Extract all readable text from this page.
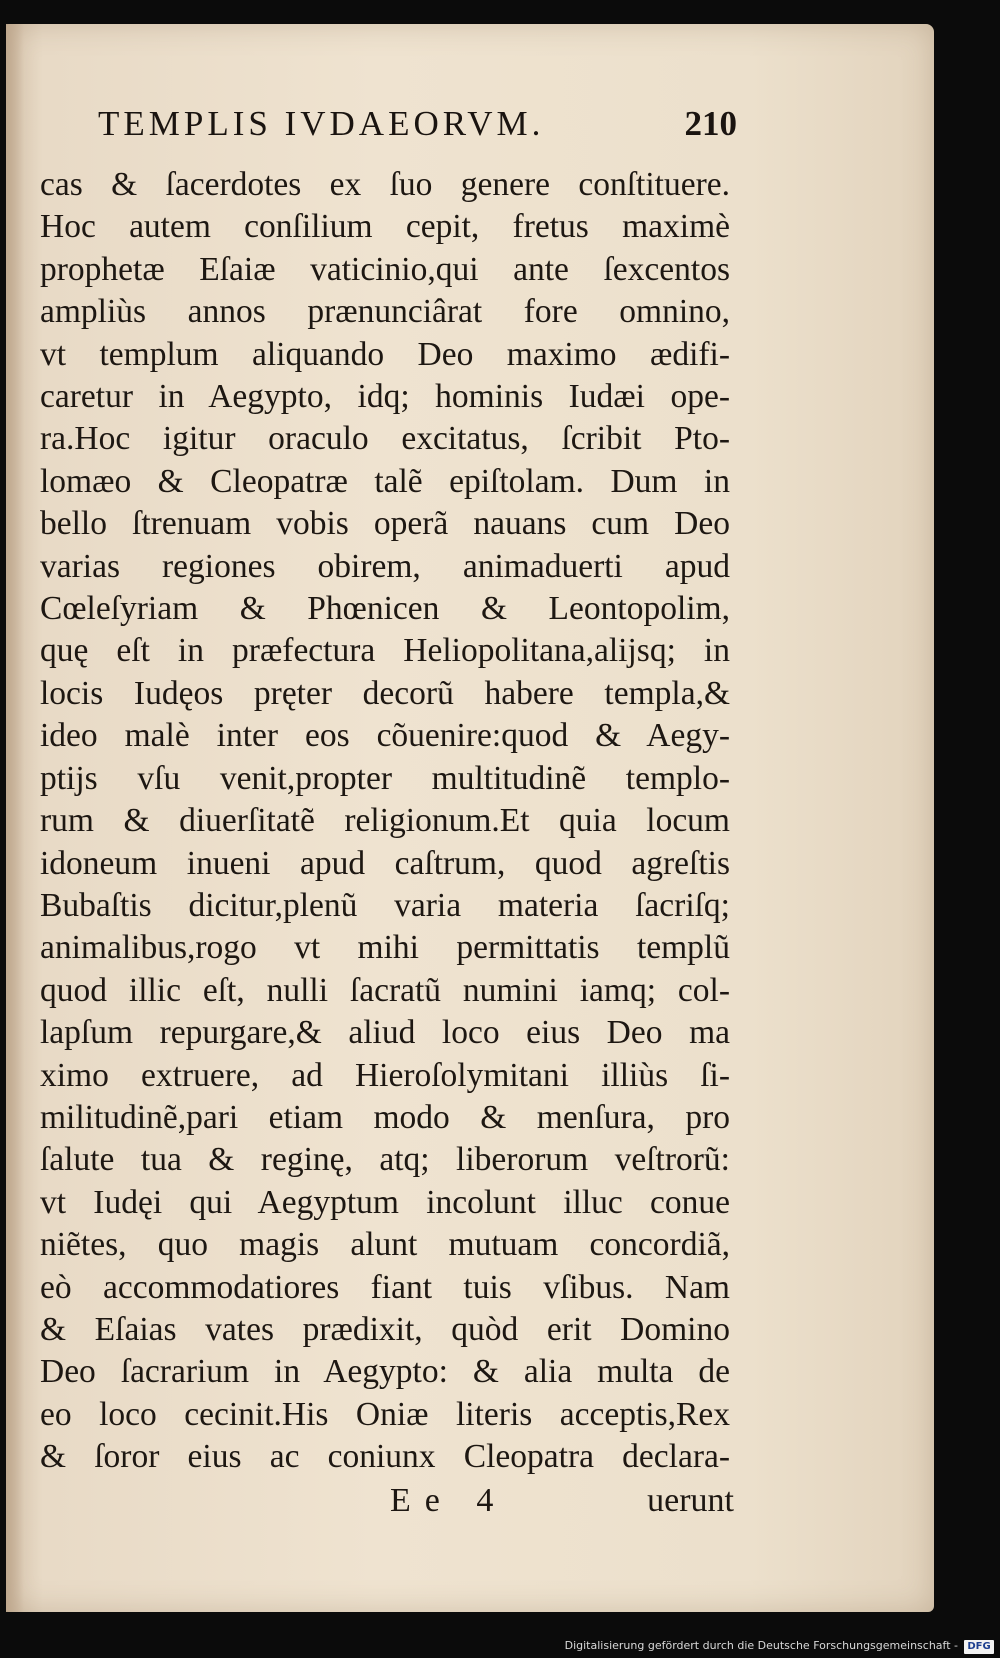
TEMPLIS IVDAEORVM.	210
cas & ſacerdotes ex ſuo genere conſtituere.
Hoc autem conſilium cepit, fretus maximè
prophetæ Eſaiæ vaticinio,qui ante ſexcentos
ampliùs annos prænunciârat fore omnino,
vt templum aliquando Deo maximo ædifi-
caretur in Aegypto, idq; hominis Iudæi ope-
ra.Hoc igitur oraculo excitatus, ſcribit Pto-
lomæo & Cleopatræ talẽ epiſtolam. Dum in
bello ſtrenuam vobis operã nauans cum Deo
varias regiones obirem, animaduerti apud
Cœleſyriam & Phœnicen & Leontopolim,
quę eſt in præfectura Heliopolitana,alijsq; in
locis Iudęos pręter decorũ habere templa,&
ideo malè inter eos cõuenire:quod & Aegy-
ptijs vſu venit,propter multitudinẽ templo-
rum & diuerſitatẽ religionum.Et quia locum
idoneum inueni apud caſtrum, quod agreſtis
Bubaſtis dicitur,plenũ varia materia ſacriſq;
animalibus,rogo vt mihi permittatis templũ
quod illic eſt, nulli ſacratũ numini iamq; col-
lapſum repurgare,& aliud loco eius Deo ma
ximo extruere, ad Hieroſolymitani illiùs ſi-
militudinẽ,pari etiam modo & menſura, pro
ſalute tua & reginę, atq; liberorum veſtrorũ:
vt Iudęi qui Aegyptum incolunt illuc conue
niẽtes, quo magis alunt mutuam concordiã,
eò accommodatiores fiant tuis vſibus. Nam
& Eſaias vates prædixit, quòd erit Domino
Deo ſacrarium in Aegypto: & alia multa de
eo loco cecinit.His Oniæ literis acceptis,Rex
& ſoror eius ac coniunx Cleopatra declara-
Ee 4	uerunt
Digitalisierung gefördert durch die Deutsche Forschungsgemeinschaft - DFG
